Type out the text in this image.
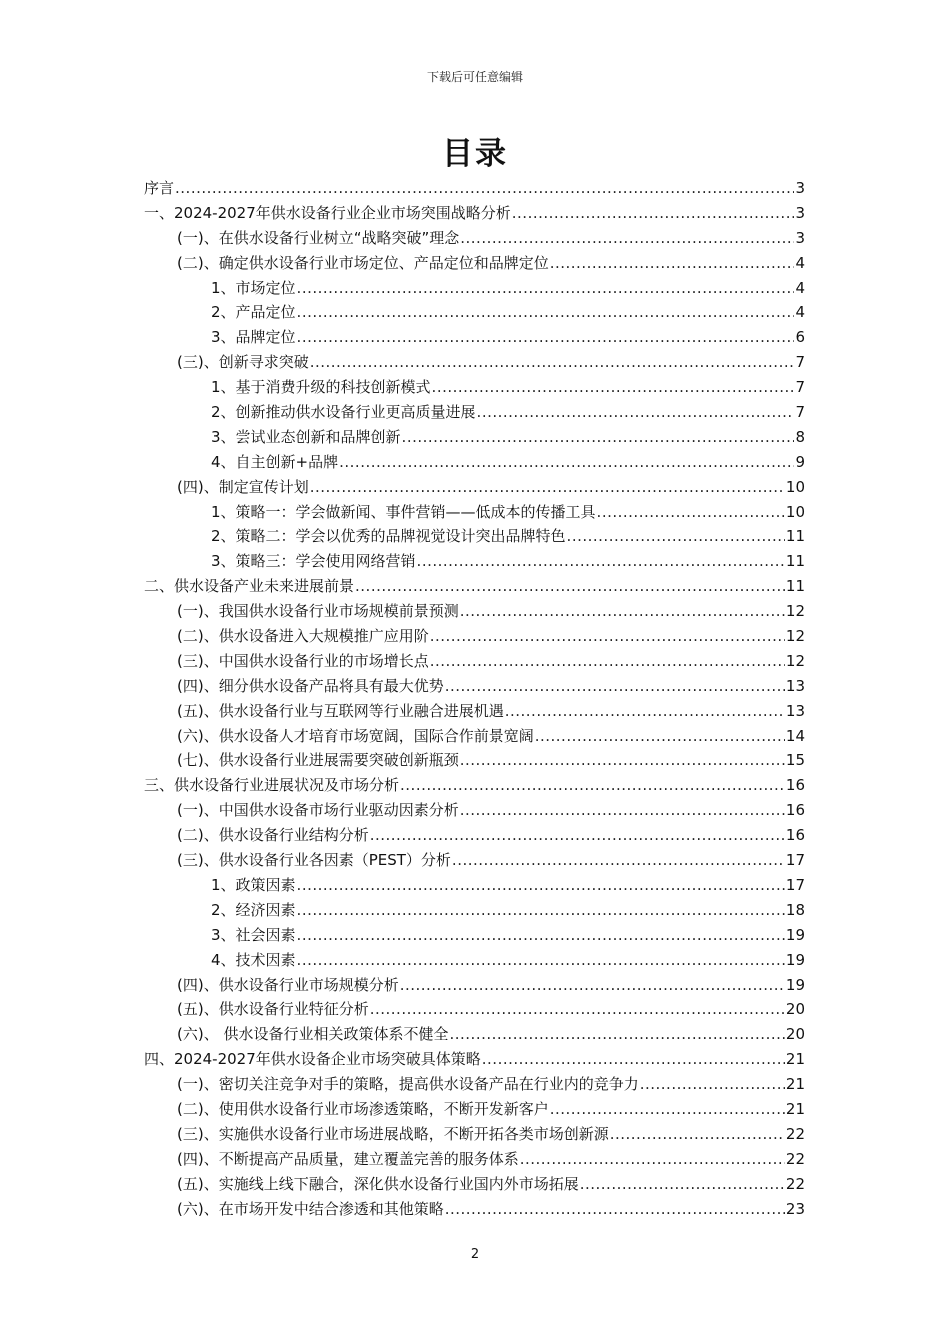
下载后可任意编辑
目录
序言 .....	3
一、2024-2027年供水设备行业企业市场突围战略分析 .....	3
(一)、在供水设备行业树立“战略突破”理念 .....	3
(二)、确定供水设备行业市场定位、产品定位和品牌定位 .....	4
1、市场定位 .....	4
2、产品定位 .....	4
3、品牌定位 .....	6
(三)、创新寻求突破 .....	7
1、基于消费升级的科技创新模式 .....	7
2、创新推动供水设备行业更高质量进展 .....	7
3、尝试业态创新和品牌创新 .....	8
4、自主创新+品牌 .....	9
(四)、制定宣传计划 .....	10
1、策略一：学会做新闻、事件营销——低成本的传播工具 .....	10
2、策略二：学会以优秀的品牌视觉设计突出品牌特色 .....	11
3、策略三：学会使用网络营销 .....	11
二、供水设备产业未来进展前景 .....	11
(一)、我国供水设备行业市场规模前景预测 .....	12
(二)、供水设备进入大规模推广应用阶 .....	12
(三)、中国供水设备行业的市场增长点 .....	12
(四)、细分供水设备产品将具有最大优势 .....	13
(五)、供水设备行业与互联网等行业融合进展机遇 .....	13
(六)、供水设备人才培育市场宽阔，国际合作前景宽阔 .....	14
(七)、供水设备行业进展需要突破创新瓶颈 .....	15
三、供水设备行业进展状况及市场分析 .....	16
(一)、中国供水设备市场行业驱动因素分析 .....	16
(二)、供水设备行业结构分析 .....	16
(三)、供水设备行业各因素（PEST）分析 .....	17
1、政策因素 .....	17
2、经济因素 .....	18
3、社会因素 .....	19
4、技术因素 .....	19
(四)、供水设备行业市场规模分析 .....	19
(五)、供水设备行业特征分析 .....	20
(六)、 供水设备行业相关政策体系不健全 .....	20
四、2024-2027年供水设备企业市场突破具体策略 .....	21
(一)、密切关注竞争对手的策略，提高供水设备产品在行业内的竞争力 .....	21
(二)、使用供水设备行业市场渗透策略，不断开发新客户 .....	21
(三)、实施供水设备行业市场进展战略，不断开拓各类市场创新源 .....	22
(四)、不断提高产品质量，建立覆盖完善的服务体系 .....	22
(五)、实施线上线下融合，深化供水设备行业国内外市场拓展 .....	22
(六)、在市场开发中结合渗透和其他策略 .....	23
2
